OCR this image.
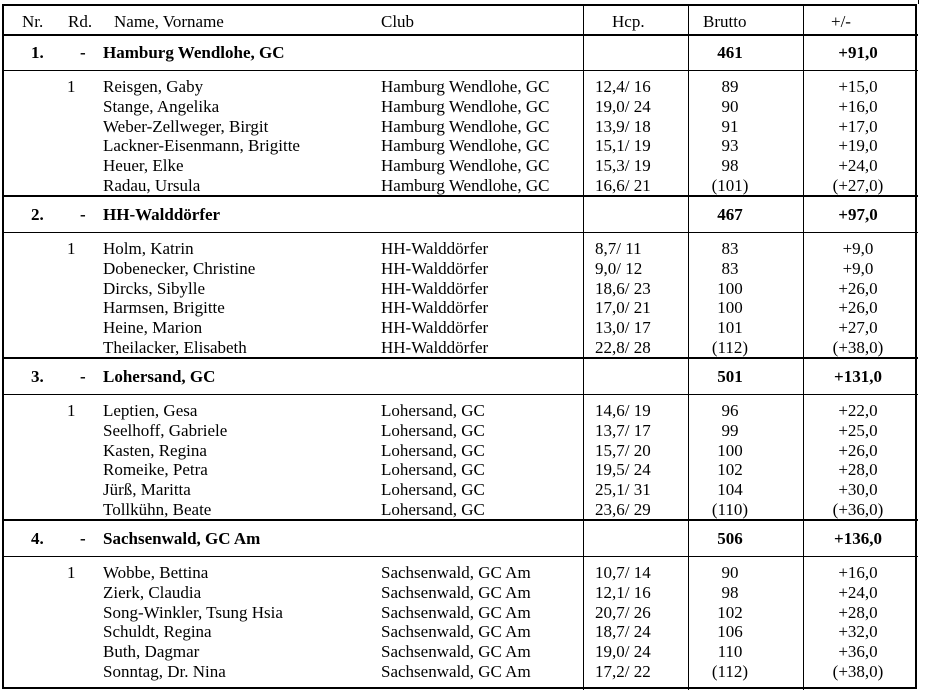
Nr. Rd. Name, Vorname	Club	Hcp.	Brutto	+/-
1. - Hamburg Wendlohe, GC	461	+91,0
1 Reisgen, Gaby	Hamburg Wendlohe, GC	12,4/ 16	89	+15,0
Stange, Angelika	Hamburg Wendlohe, GC	19,0/ 24	90	+16,0
Weber-Zellweger, Birgit	Hamburg Wendlohe, GC	13,9/ 18	91	+17,0
Lackner-Eisenmann, Brigitte	Hamburg Wendlohe, GC	15,1/ 19	93	+19,0
Heuer, Elke	Hamburg Wendlohe, GC	15,3/ 19	98	+24,0
Radau, Ursula	Hamburg Wendlohe, GC	16,6/ 21	(101)	(+27,0)
2. - HH-Walddörfer	467	+97,0
1 Holm, Katrin	HH-Walddörfer	8,7/ 11	83	+9,0
Dobenecker, Christine	HH-Walddörfer	9,0/ 12	83	+9,0
Dircks, Sibylle	HH-Walddörfer	18,6/ 23	100	+26,0
Harmsen, Brigitte	HH-Walddörfer	17,0/ 21	100	+26,0
Heine, Marion	HH-Walddörfer	13,0/ 17	101	+27,0
Theilacker, Elisabeth	HH-Walddörfer	22,8/ 28	(112)	(+38,0)
3. - Lohersand, GC	501	+131,0
1 Leptien, Gesa	Lohersand, GC	14,6/ 19	96	+22,0
Seelhoff, Gabriele	Lohersand, GC	13,7/ 17	99	+25,0
Kasten, Regina	Lohersand, GC	15,7/ 20	100	+26,0
Romeike, Petra	Lohersand, GC	19,5/ 24	102	+28,0
Jürß, Maritta	Lohersand, GC	25,1/ 31	104	+30,0
Tollkühn, Beate	Lohersand, GC	23,6/ 29	(110)	(+36,0)
4. - Sachsenwald, GC Am	506	+136,0
1 Wobbe, Bettina	Sachsenwald, GC Am	10,7/ 14	90	+16,0
Zierk, Claudia	Sachsenwald, GC Am	12,1/ 16	98	+24,0
Song-Winkler, Tsung Hsia	Sachsenwald, GC Am	20,7/ 26	102	+28,0
Schuldt, Regina	Sachsenwald, GC Am	18,7/ 24	106	+32,0
Buth, Dagmar	Sachsenwald, GC Am	19,0/ 24	110	+36,0
Sonntag, Dr. Nina	Sachsenwald, GC Am	17,2/ 22	(112)	(+38,0)
